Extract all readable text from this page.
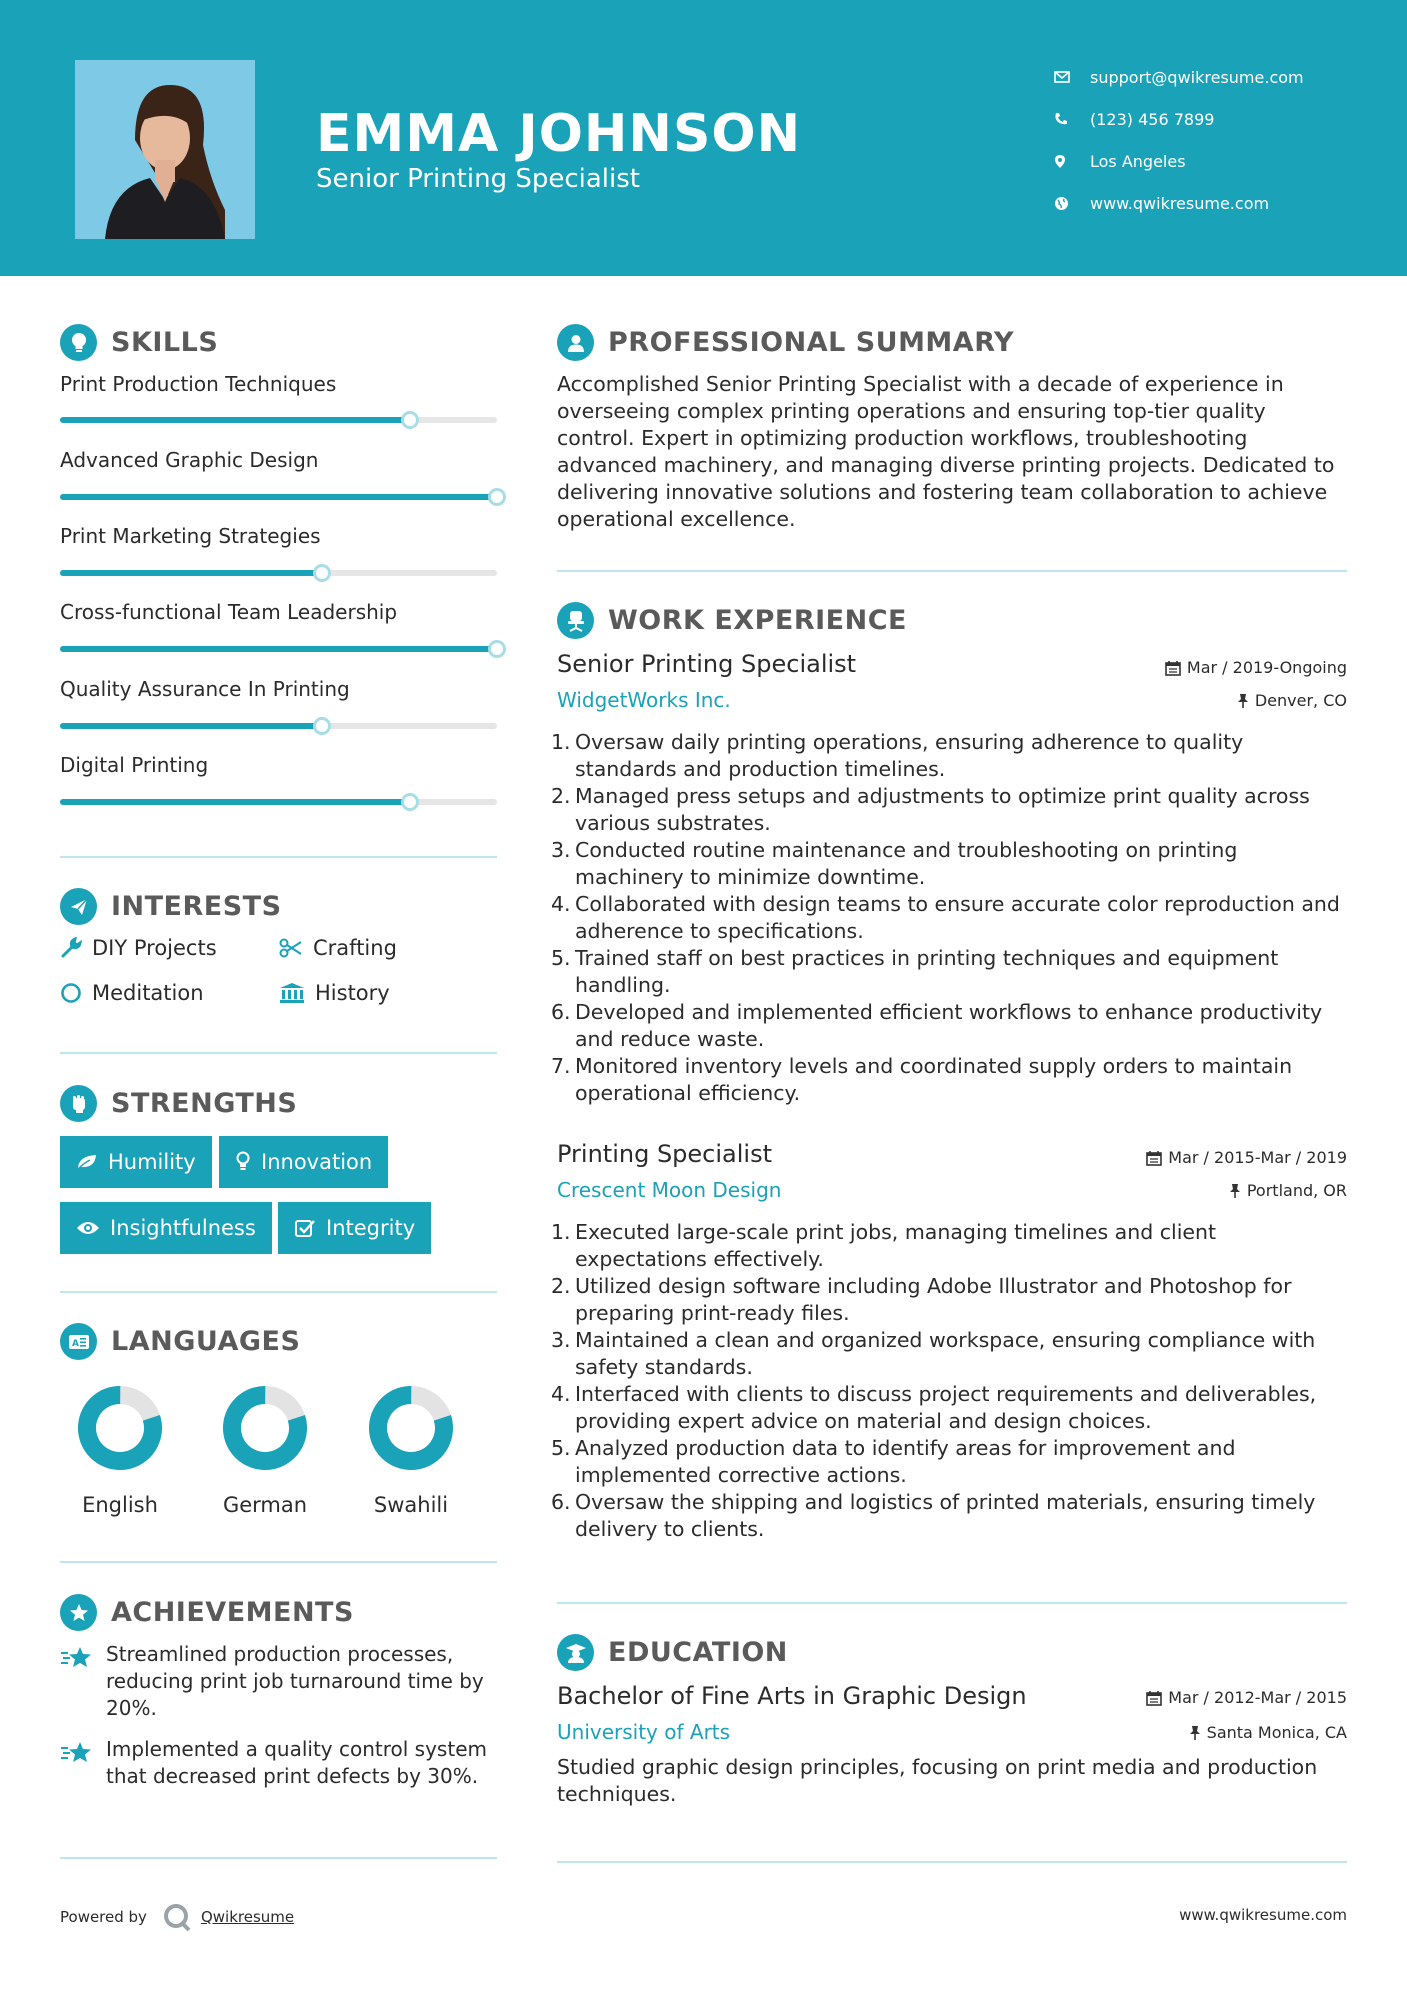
EMMA JOHNSON
Senior Printing Specialist
support@qwikresume.com
(123) 456 7899
Los Angeles
www.qwikresume.com
SKILLS
Print Production Techniques
Advanced Graphic Design
Print Marketing Strategies
Cross-functional Team Leadership
Quality Assurance In Printing
Digital Printing
INTERESTS
DIY Projects	Crafting
Meditation	History
STRENGTHS
Humility	Innovation
Insightfulness	Integrity
A LANGUAGES
English	German	Swahili
ACHIEVEMENTS
Streamlined production processes, reducing print job turnaround time by 20%.
Implemented a quality control system that decreased print defects by 30%.
PROFESSIONAL SUMMARY
Accomplished Senior Printing Specialist with a decade of experience in overseeing complex printing operations and ensuring top-tier quality control. Expert in optimizing production workflows, troubleshooting advanced machinery, and managing diverse printing projects. Dedicated to delivering innovative solutions and fostering team collaboration to achieve operational excellence.
WORK EXPERIENCE
Senior Printing Specialist	Mar / 2019-Ongoing
WidgetWorks Inc.	Denver, CO
1. Oversaw daily printing operations, ensuring adherence to quality standards and production timelines.
2. Managed press setups and adjustments to optimize print quality across various substrates.
3. Conducted routine maintenance and troubleshooting on printing machinery to minimize downtime.
4. Collaborated with design teams to ensure accurate color reproduction and adherence to specifications.
5. Trained staff on best practices in printing techniques and equipment handling.
6. Developed and implemented efficient workflows to enhance productivity and reduce waste.
7. Monitored inventory levels and coordinated supply orders to maintain operational efficiency.
Printing Specialist	Mar / 2015-Mar / 2019
Crescent Moon Design	Portland, OR
1. Executed large-scale print jobs, managing timelines and client expectations effectively.
2. Utilized design software including Adobe Illustrator and Photoshop for preparing print-ready files.
3. Maintained a clean and organized workspace, ensuring compliance with safety standards.
4. Interfaced with clients to discuss project requirements and deliverables, providing expert advice on material and design choices.
5. Analyzed production data to identify areas for improvement and implemented corrective actions.
6. Oversaw the shipping and logistics of printed materials, ensuring timely delivery to clients.
EDUCATION
Bachelor of Fine Arts in Graphic Design	Mar / 2012-Mar / 2015
University of Arts	Santa Monica, CA
Studied graphic design principles, focusing on print media and production techniques.
Powered by	Qwikresume	www.qwikresume.com
